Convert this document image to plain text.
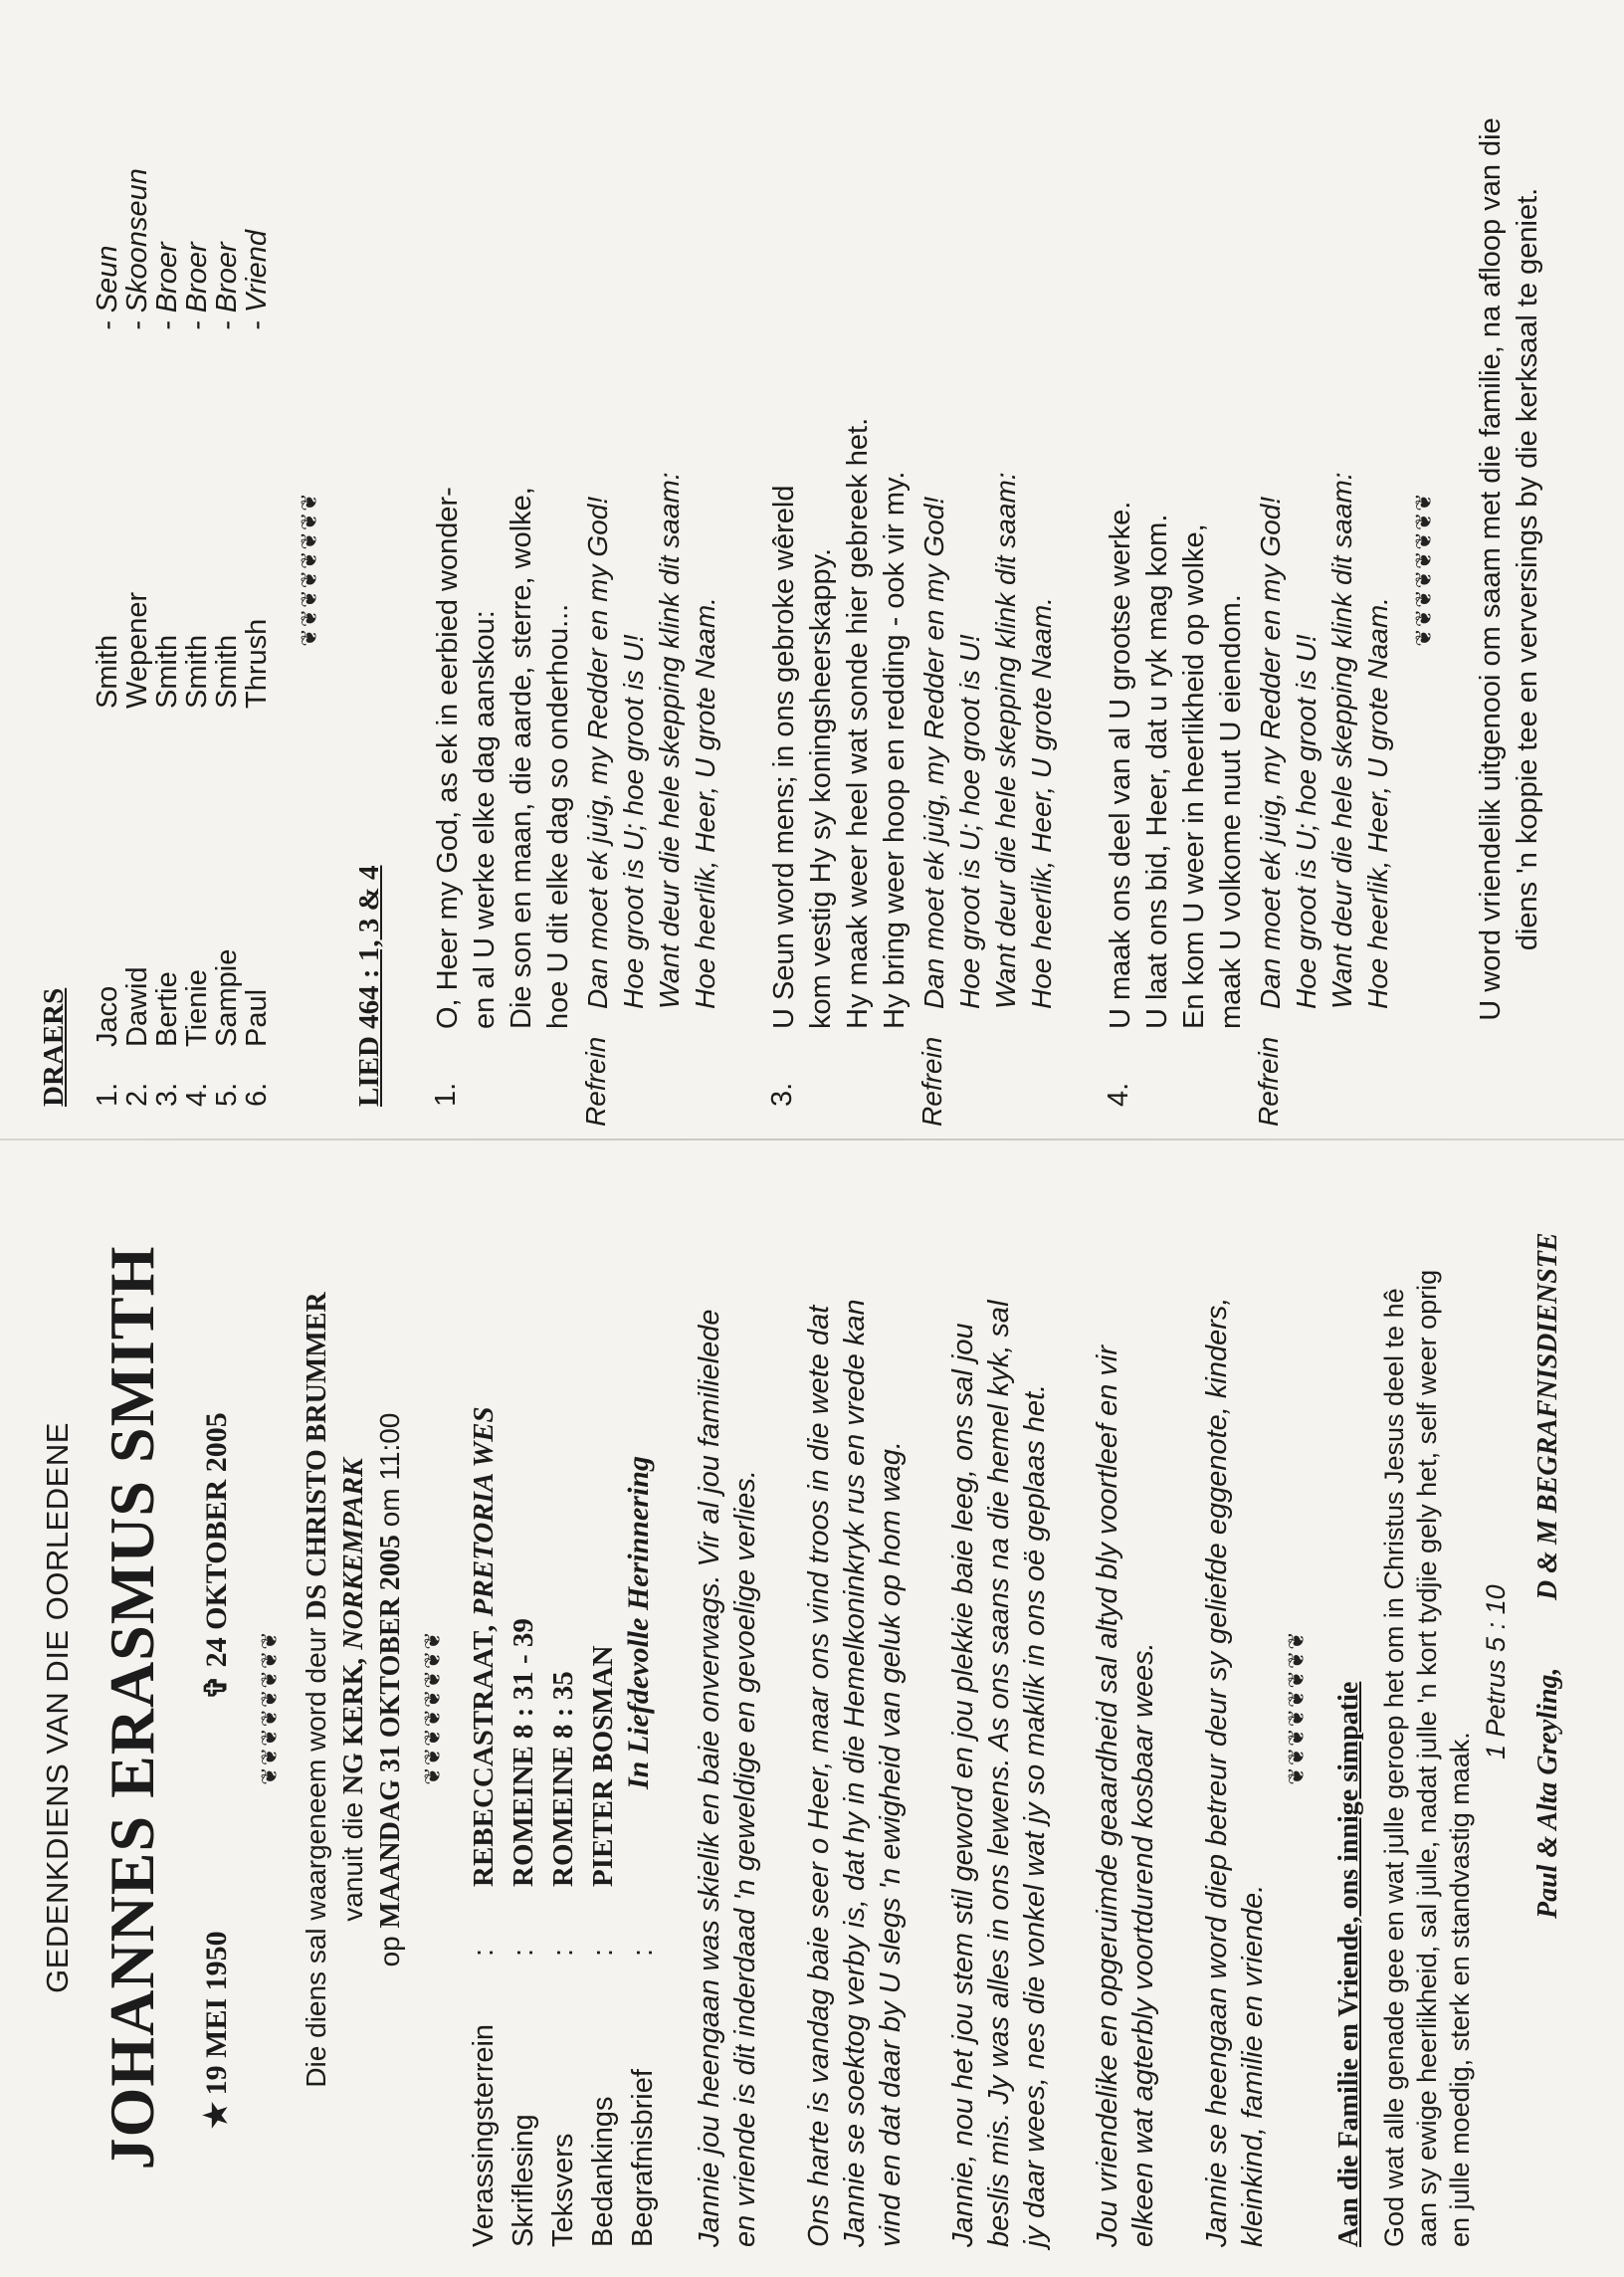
GEDENKDIENS VAN DIE OORLEDENE JOHANNES ERASMUS SMITH ✭ 19 MEI 1950
✞ 24 OKTOBER 2005
❦❦❦❦❦❦❦❦ Die diens sal waargeneem word deur DS CHRISTO BRUMMER
vanuit die NG KERK, NORKEMPARK
op MAANDAG 31 OKTOBER 2005 om 11:00
❦❦❦❦❦❦❦❦
Verassingsterrein
:
REBECCASTRAAT, PRETORIA WES
Skriflesing
:
ROMEINE 8 : 31 - 39
Teksvers
:
ROMEINE 8 : 35
Bedankings
:
PIETER BOSMAN
Begrafnisbrief
:
In Liefdevolle Herinnering Jannie jou heengaan was skielik en baie onverwags. Vir al jou familielede en vriende is dit inderdaad 'n geweldige en gevoelige verlies. Ons harte is vandag baie seer o Heer, maar ons vind troos in die wete dat Jannie se soektog verby is, dat hy in die Hemelkoninkryk rus en vrede kan vind en dat daar by U slegs 'n ewigheid van geluk op hom wag. Jannie, nou het jou stem stil geword en jou plekkie baie leeg, ons sal jou beslis mis. Jy was alles in ons lewens. As ons saans na die hemel kyk, sal jy daar wees, nes die vonkel wat jy so maklik in ons oë geplaas het. Jou vriendelike en opgeruimde geaardheid sal altyd bly voortleef en vir elkeen wat agterbly voortdurend kosbaar wees. Jannie se heengaan word diep betreur deur sy geliefde eggenote, kinders, kleinkind, familie en vriende.
❦❦❦❦❦❦❦❦ Aan die Familie en Vriende, ons innige simpatie God wat alle genade gee en wat julle geroep het om in Christus Jesus deel te hê aan sy ewige heerlikheid, sal julle, nadat julle 'n kort tydjie gely het, self weer oprig en julle moedig, sterk en standvastig maak.
1 Petrus 5 : 10 Paul & Alta Greyling,
D & M BEGRAFNISDIENSTE
DRAERS 1.
Jaco
Smith
- Seun
2.
Dawid
Wepener
- Skoonseun
3.
Bertie
Smith
- Broer
4.
Tienie
Smith
- Broer
5.
Sampie
Smith
- Broer
6.
Paul
Thrush
- Vriend
❦❦❦❦❦❦❦❦
LIED 464 : 1, 3 & 4 1.
O, Heer my God, as ek in eerbied wonder- en al U werke elke dag aanskou: Die son en maan, die aarde, sterre, wolke, hoe U dit elke dag so onderhou...
Refrein
Dan moet ek juig, my Redder en my God! Hoe groot is U; hoe groot is U! Want deur die hele skepping klink dit saam: Hoe heerlik, Heer, U grote Naam.
3.
U Seun word mens; in ons gebroke wêreld kom vestig Hy sy koningsheerskappy. Hy maak weer heel wat sonde hier gebreek het. Hy bring weer hoop en redding - ook vir my.
Refrein
Dan moet ek juig, my Redder en my God! Hoe groot is U; hoe groot is U! Want deur die hele skepping klink dit saam: Hoe heerlik, Heer, U grote Naam.
4.
U maak ons deel van al U grootse werke. U laat ons bid, Heer, dat u ryk mag kom. En kom U weer in heerlikheid op wolke, maak U volkome nuut U eiendom.
Refrein
Dan moet ek juig, my Redder en my God! Hoe groot is U; hoe groot is U! Want deur die hele skepping klink dit saam: Hoe heerlik, Heer, U grote Naam.
❦❦❦❦❦❦❦❦ U word vriendelik uitgenooi om saam met die familie, na afloop van die diens 'n koppie tee en verversings by die kerksaal te geniet.
